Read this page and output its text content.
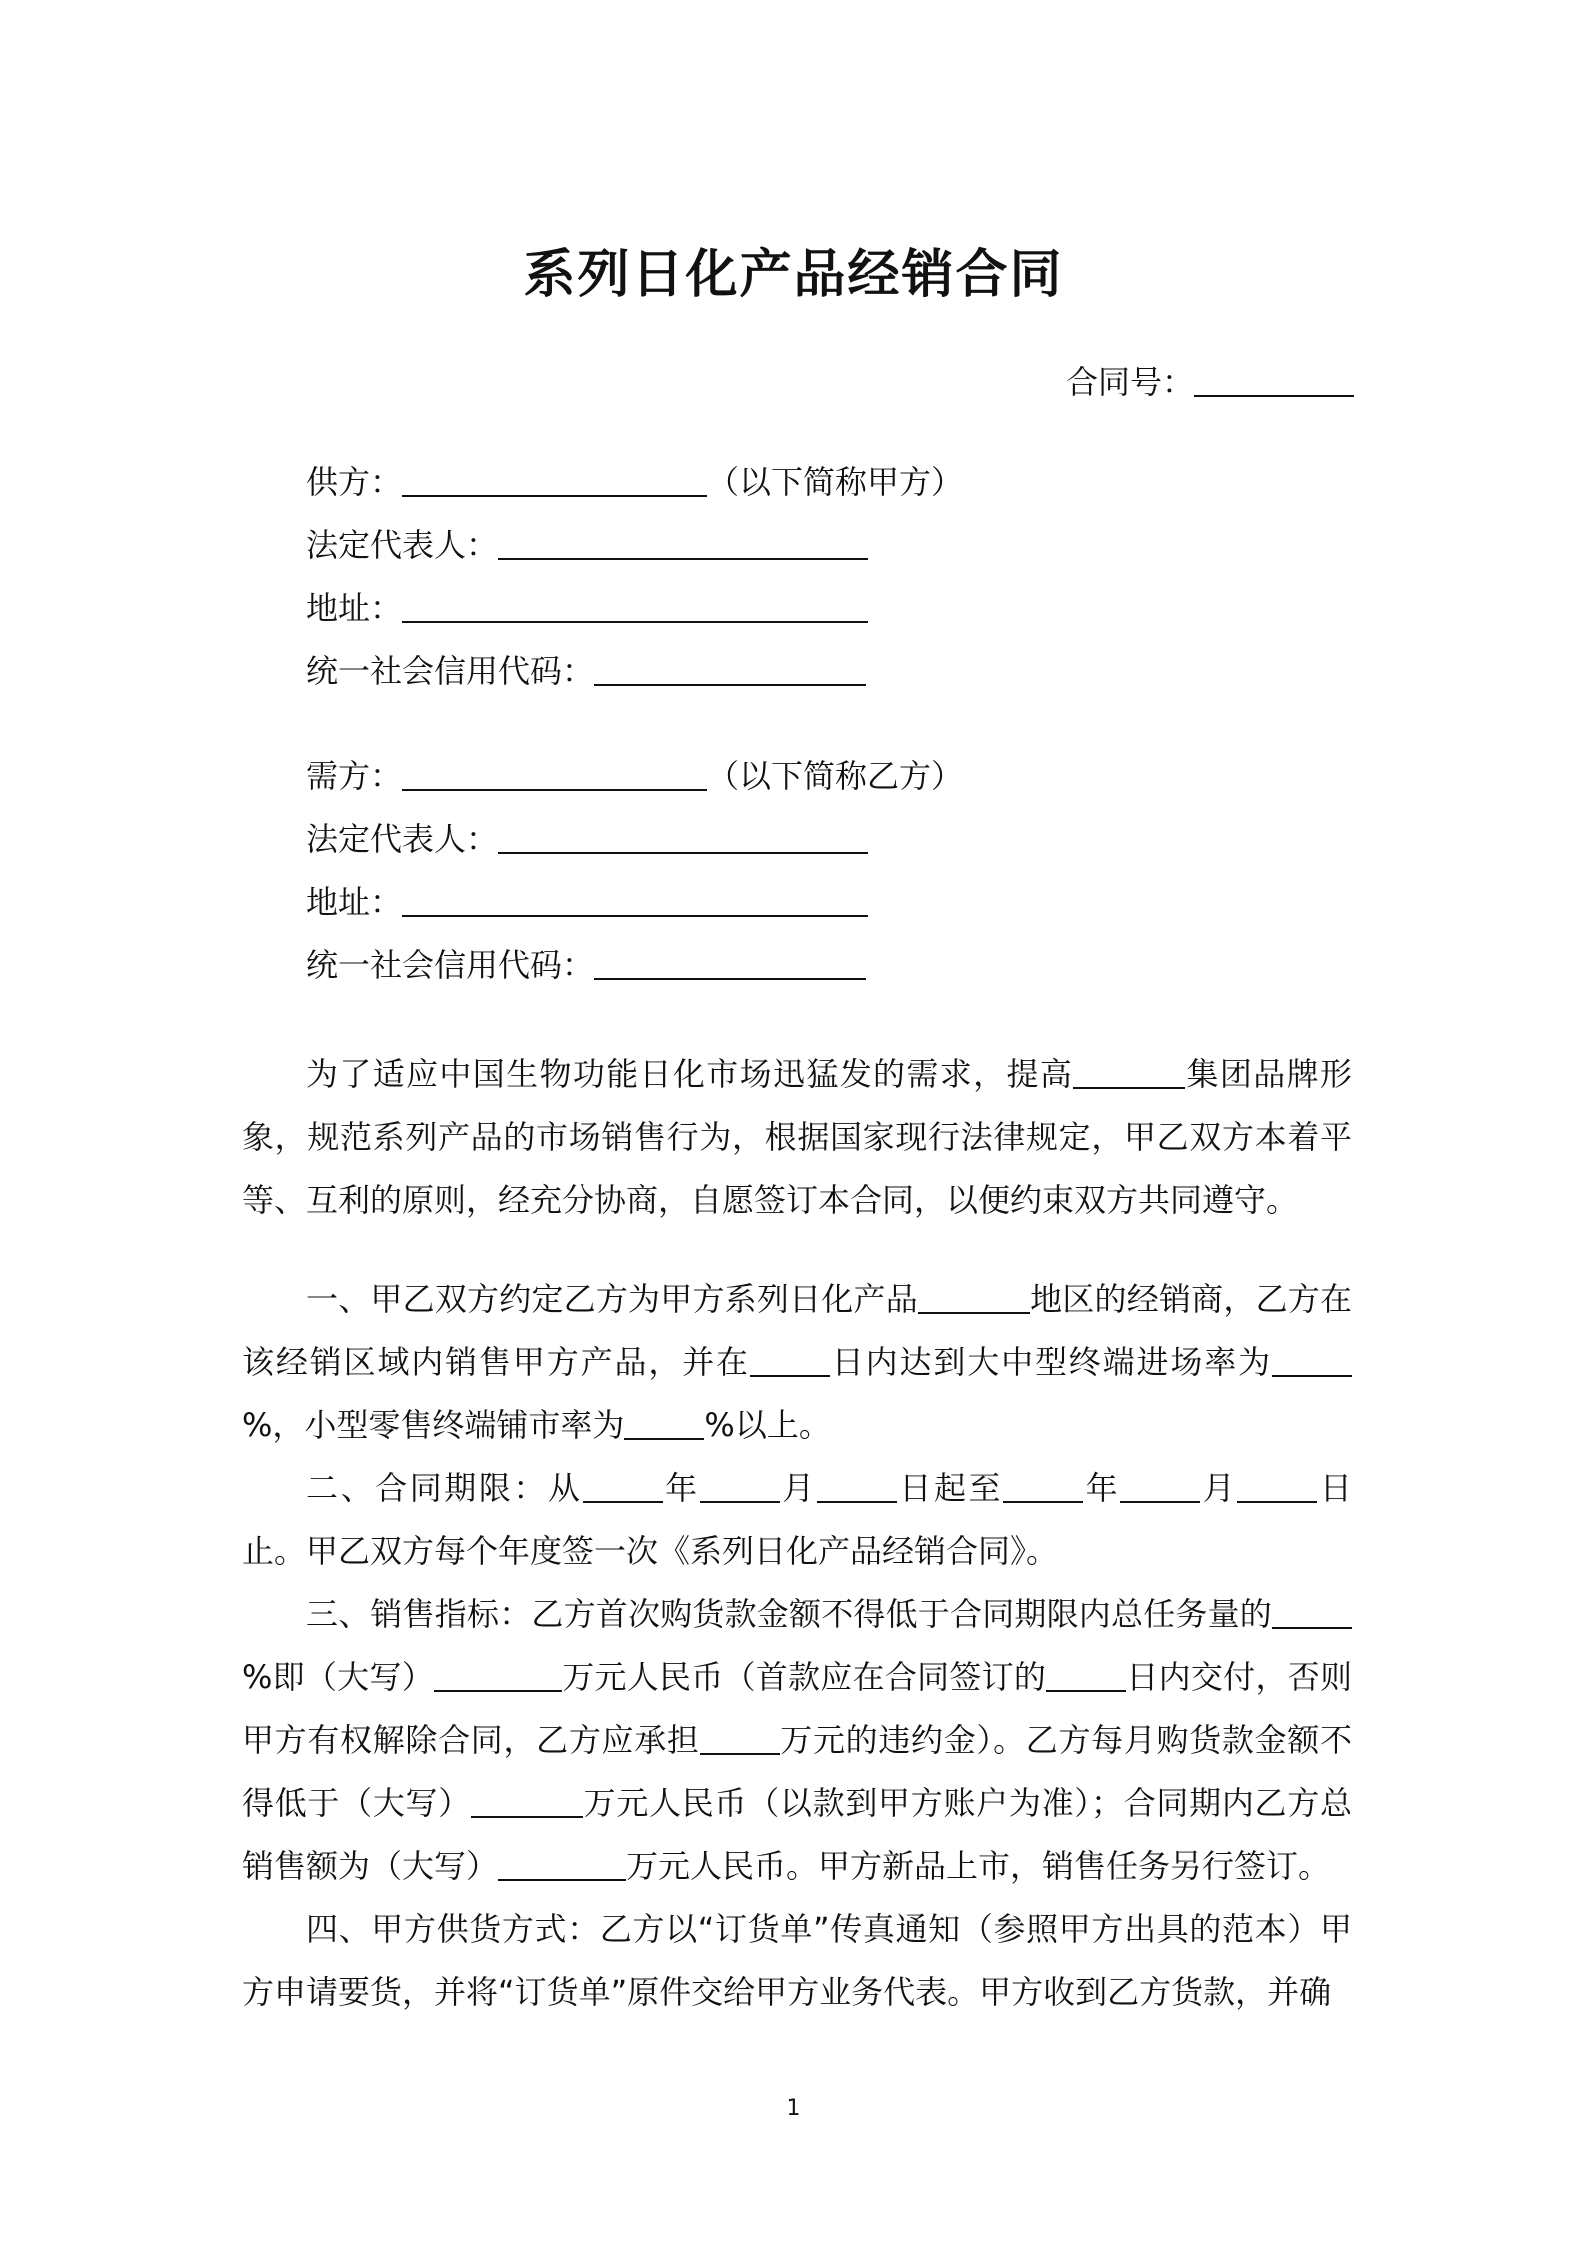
系列日化产品经销合同
合同号：
供方：	（以下简称甲方）
法定代表人：
地址：
统一社会信用代码：
需方：	（以下简称乙方）
法定代表人：
地址：
统一社会信用代码：
为了适应中国生物功能日化市场迅猛发的需求，提高	集团品牌形象，规范系列产品的市场销售行为，根据国家现行法律规定，甲乙双方本着平等、互利的原则，经充分协商，自愿签订本合同，以便约束双方共同遵守。
一、甲乙双方约定乙方为甲方系列日化产品	地区的经销商，乙方在该经销区域内销售甲方产品，并在	日内达到大中型终端进场率为%，小型零售终端铺市率为	%以上。
二、合同期限：从	年	月	日起至	年	月	日止。甲乙双方每个年度签一次《系列日化产品经销合同》。
三、销售指标：乙方首次购货款金额不得低于合同期限内总任务量的%即（大写）	万元人民币（首款应在合同签订的	日内交付，否则甲方有权解除合同，乙方应承担	万元的违约金）。乙方每月购货款金额不得低于（大写）	万元人民币（以款到甲方账户为准）；合同期内乙方总销售额为（大写）	万元人民币。甲方新品上市，销售任务另行签订。
四、甲方供货方式：乙方以“订货单”传真通知（参照甲方出具的范本）甲方申请要货，并将“订货单”原件交给甲方业务代表。甲方收到乙方货款，并确
1
